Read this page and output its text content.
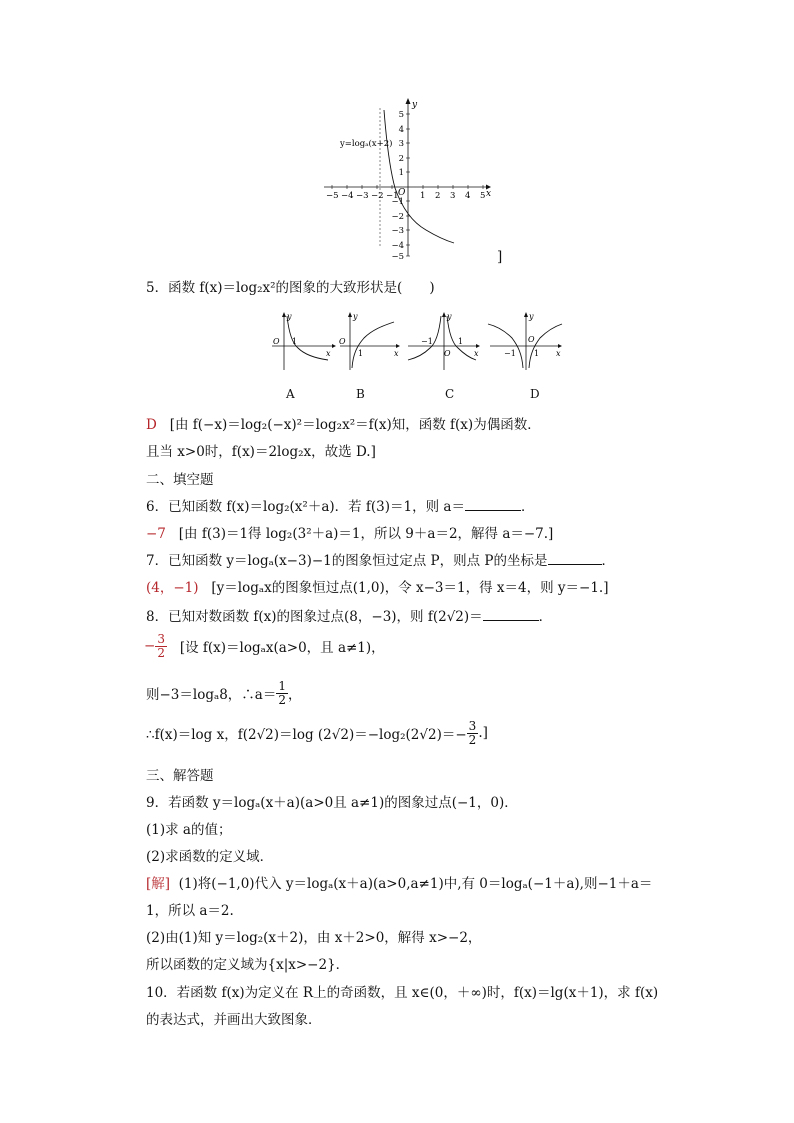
y
x
O
y=logₐ(x+2)
−5 −4 −3 −2 −1	1 2 3 4 5
5
4
3
2
1
−1
−2
−3
−4
−5	]
5．函数 f(x)＝log₂x²的图象的大致形状是(　　)
y
x
O 1
y
x
O
1
y
x
O
−1	1
y
x
O
−1 1
A	B	C	D
D [由 f(−x)＝log₂(−x)²＝log₂x²＝f(x)知，函数 f(x)为偶函数．
且当 x>0时，f(x)＝2log₂x，故选 D.]
二、填空题
6．已知函数 f(x)＝log₂(x²＋a)．若 f(3)＝1，则 a＝	．
−7 [由 f(3)＝1得 log₂(3²＋a)＝1，所以 9＋a＝2，解得 a＝−7.]
7．已知函数 y＝logₐ(x−3)−1的图象恒过定点 P，则点 P的坐标是	．
(4，−1) [y＝logₐx的图象恒过点(1,0)，令 x−3＝1，得 x＝4，则 y＝−1.]
8．已知对数函数 f(x)的图象过点(8，−3)，则 f(2√2)＝	．
− $\frac{3}{2}$ [设 f(x)＝logₐx(a>0，且 a≠1)，
则−3＝logₐ8，∴a＝ $\frac{1}{2}$ ，
∴f(x)＝log x，f(2√2)＝log $(2√2)=-\log_2(2√2)=- \frac{3}{2}$ .]
三、解答题
9．若函数 y＝logₐ(x＋a)(a>0且 a≠1)的图象过点(−1，0)．
(1)求 a的值；
(2)求函数的定义域．
[解] (1)将(−1,0)代入 y＝logₐ(x＋a)(a>0,a≠1)中,有 0＝logₐ(−1＋a),则−1＋a＝
1，所以 a＝2.
(2)由(1)知 y＝log₂(x＋2)，由 x＋2>0，解得 x>−2，
所以函数的定义域为{x|x>−2}．
10．若函数 f(x)为定义在 R上的奇函数，且 x∈(0，＋∞)时，f(x)＝lg(x＋1)，求 f(x)
的表达式，并画出大致图象．
